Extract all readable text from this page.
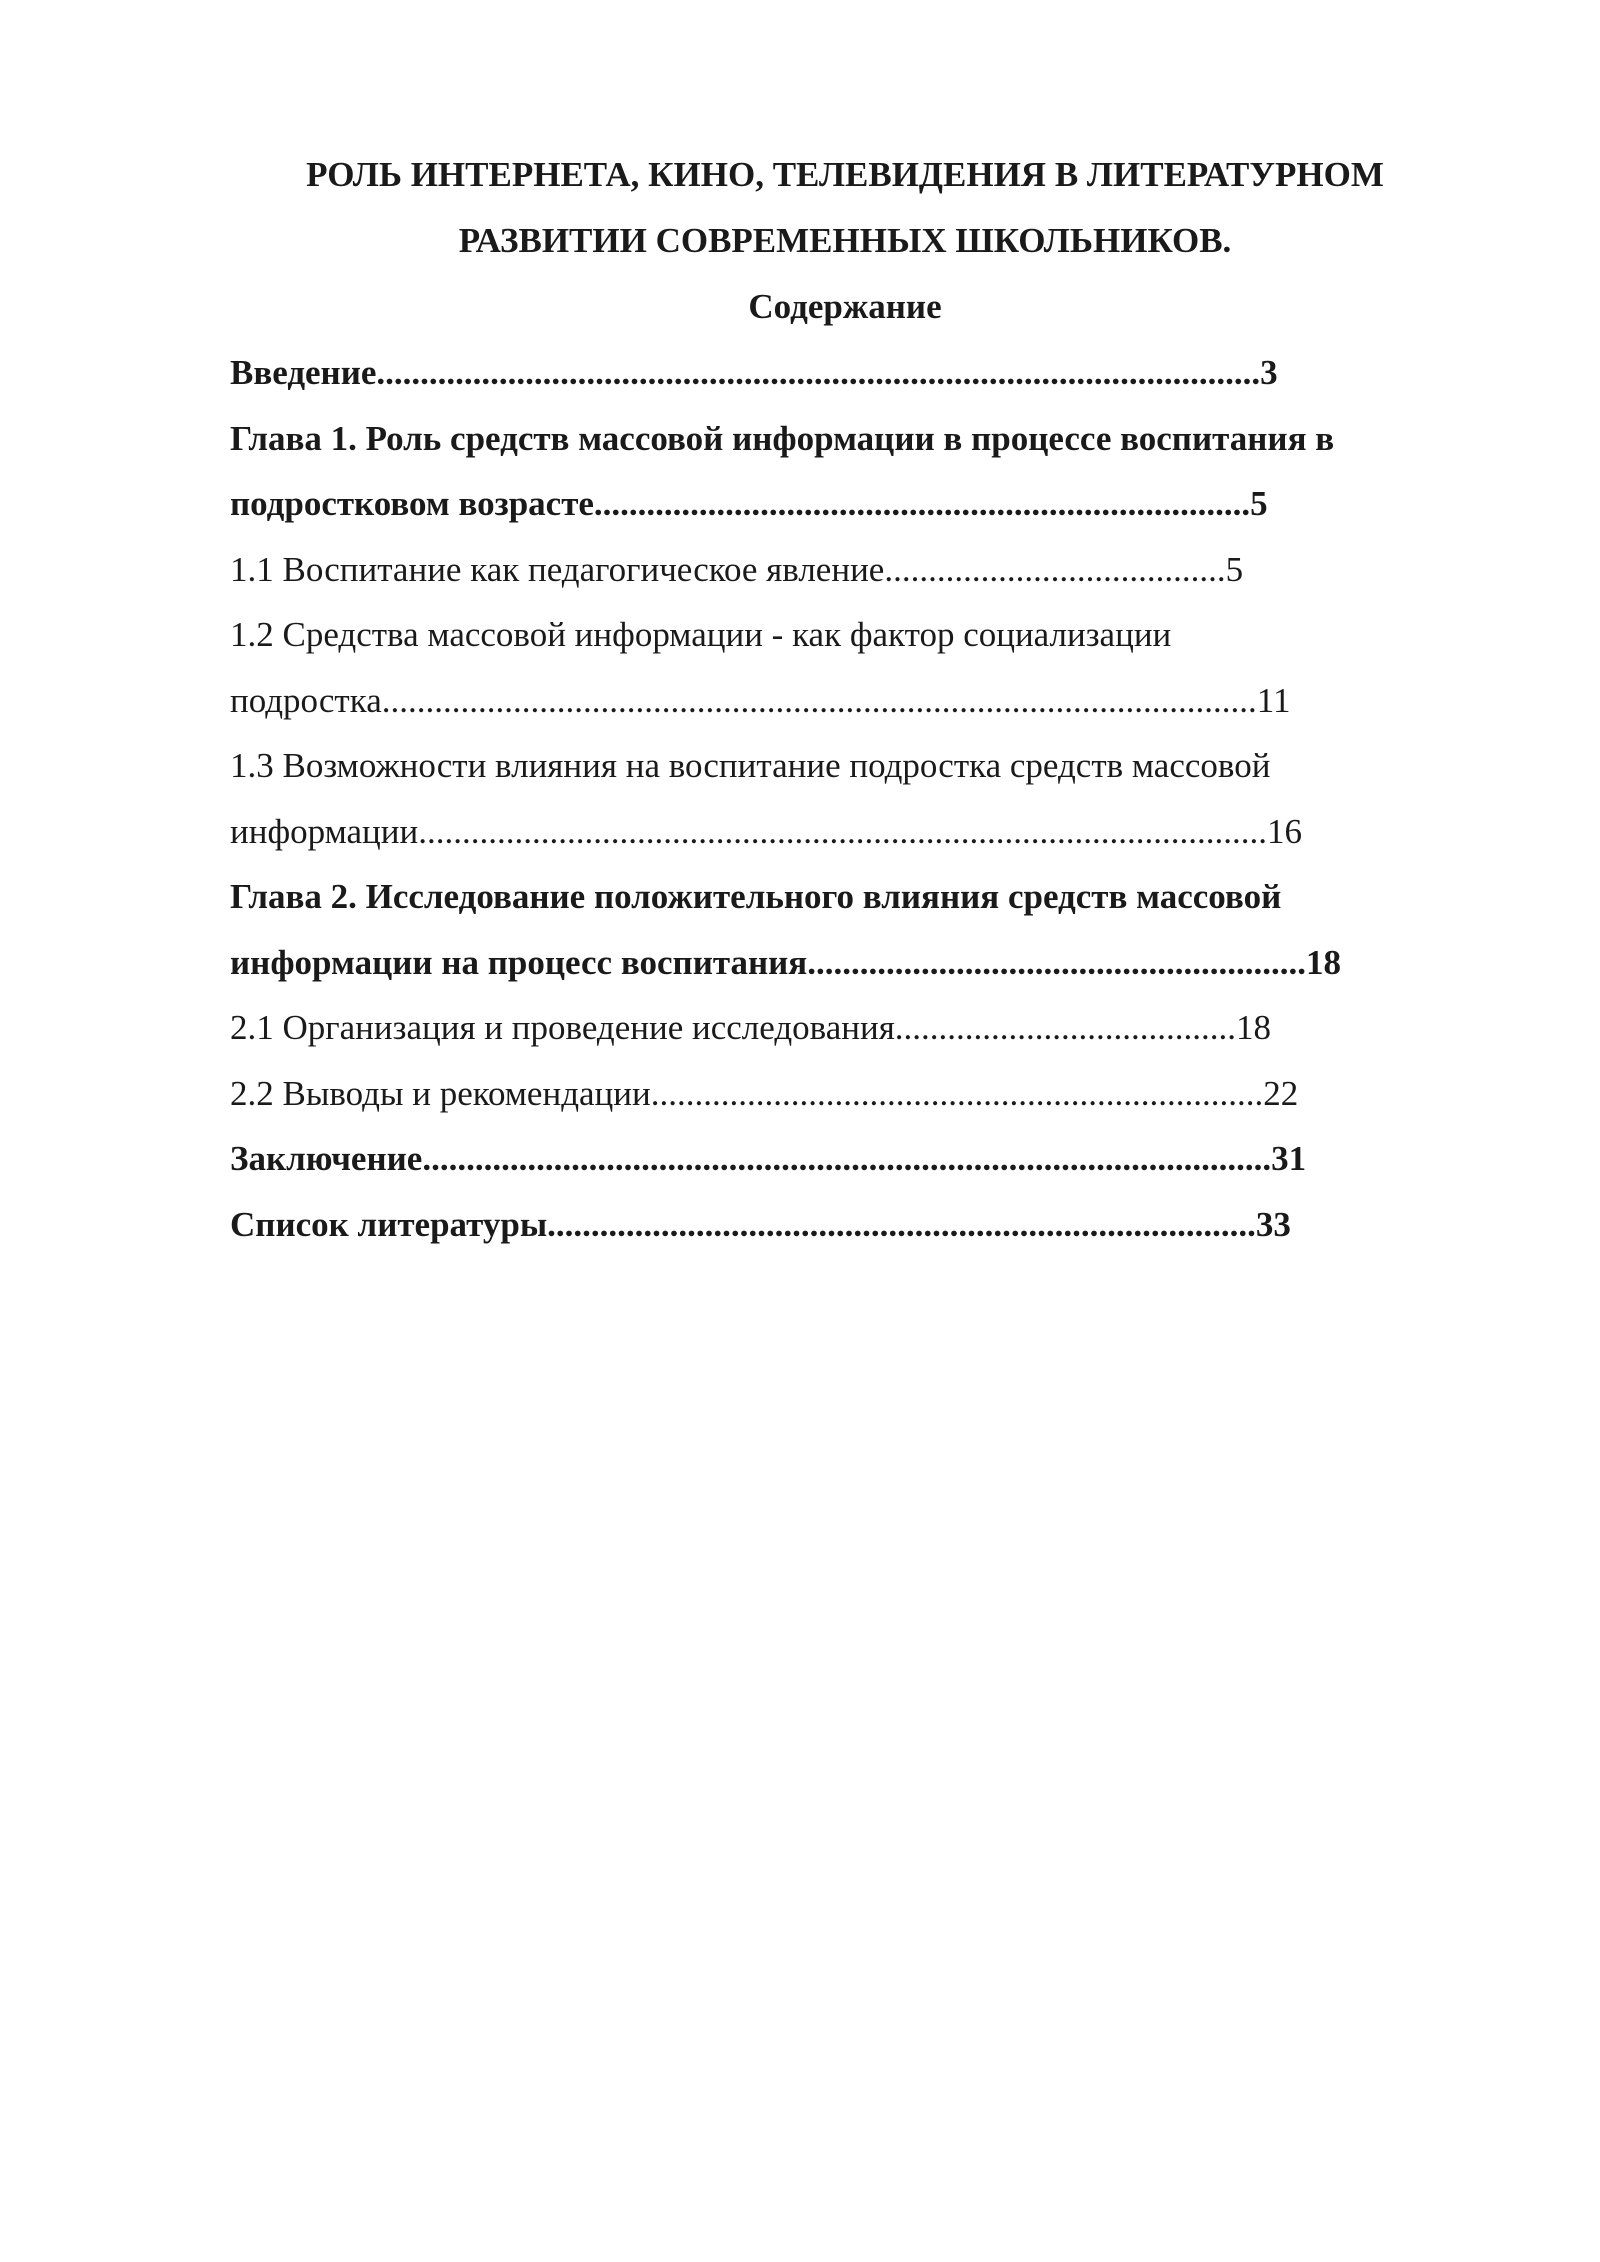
РОЛЬ ИНТЕРНЕТА, КИНО, ТЕЛЕВИДЕНИЯ В ЛИТЕРАТУРНОМ
РАЗВИТИИ СОВРЕМЕННЫХ ШКОЛЬНИКОВ.
Содержание
Введение.....................................................................................................3
Глава 1. Роль средств массовой информации в процессе воспитания в
подростковом возрасте...........................................................................5
1.1 Воспитание как педагогическое явление.......................................5
1.2 Средства массовой информации - как фактор социализации
подростка....................................................................................................11
1.3 Возможности влияния на воспитание подростка средств массовой
информации.................................................................................................16
Глава 2. Исследование положительного влияния средств массовой
информации на процесс воспитания.........................................................18
2.1 Организация и проведение исследования.......................................18
2.2 Выводы и рекомендации......................................................................22
Заключение.................................................................................................31
Список литературы.................................................................................33
